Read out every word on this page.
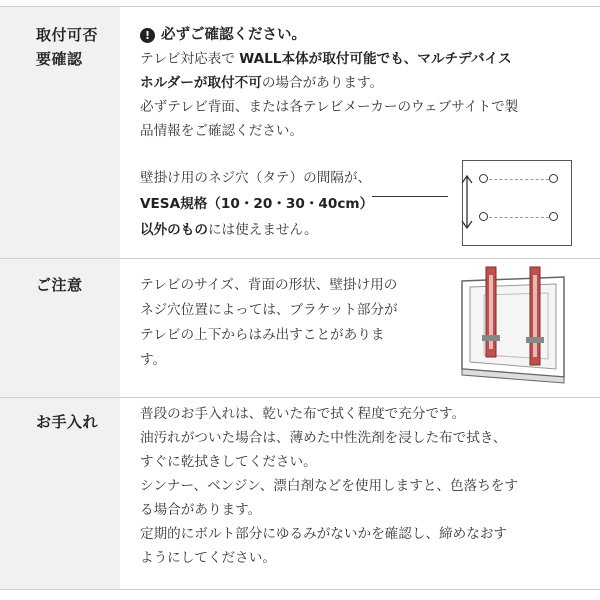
取付可否
要確認
! 必ずご確認ください。
テレビ対応表で WALL本体が取付可能でも、マルチデバイス
ホルダーが取付不可の場合があります。
必ずテレビ背面、または各テレビメーカーのウェブサイトで製
品情報をご確認ください。
壁掛け用のネジ穴（タテ）の間隔が、
VESA規格（10・20・30・40cm）
以外のものには使えません。
ご注意	テレビのサイズ、背面の形状、壁掛け用の
ネジ穴位置によっては、ブラケット部分が
テレビの上下からはみ出すことがありま
す。
お手入れ	普段のお手入れは、乾いた布で拭く程度で充分です。
油汚れがついた場合は、薄めた中性洗剤を浸した布で拭き、
すぐに乾拭きしてください。
シンナー、ベンジン、漂白剤などを使用しますと、色落ちをす
る場合があります。
定期的にボルト部分にゆるみがないかを確認し、締めなおす
ようにしてください。
